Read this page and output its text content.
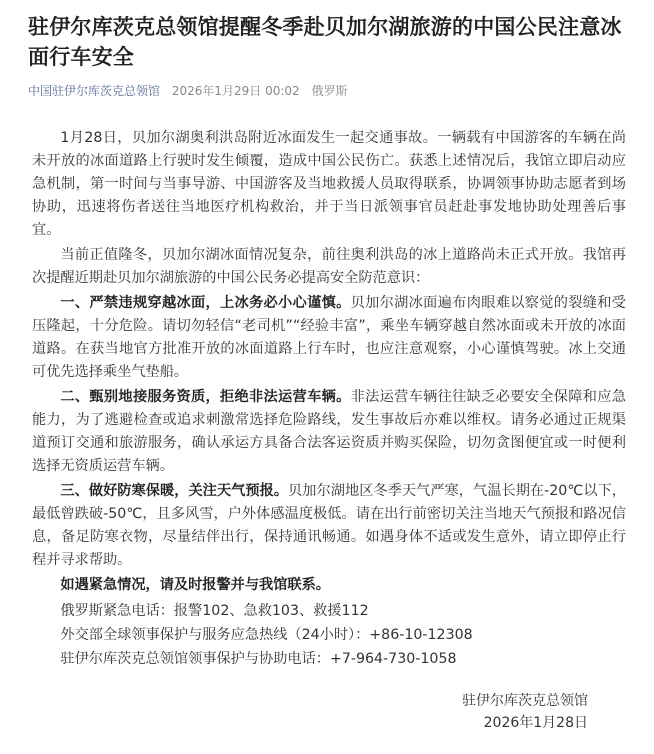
驻伊尔库茨克总领馆提醒冬季赴贝加尔湖旅游的中国公民注意冰面行车安全
中国驻伊尔库茨克总领馆 2026年1月29日 00:02 俄罗斯

1月28日，贝加尔湖奥利洪岛附近冰面发生一起交通事故。一辆载有中国游客的车辆在尚未开放的冰面道路上行驶时发生倾覆，造成中国公民伤亡。获悉上述情况后，我馆立即启动应急机制，第一时间与当事导游、中国游客及当地救援人员取得联系，协调领事协助志愿者到场协助，迅速将伤者送往当地医疗机构救治，并于当日派领事官员赶赴事发地协助处理善后事宜。

当前正值隆冬，贝加尔湖冰面情况复杂，前往奥利洪岛的冰上道路尚未正式开放。我馆再次提醒近期赴贝加尔湖旅游的中国公民务必提高安全防范意识：

一、严禁违规穿越冰面，上冰务必小心谨慎。贝加尔湖冰面遍布肉眼难以察觉的裂缝和受压隆起，十分危险。请切勿轻信“老司机”“经验丰富”，乘坐车辆穿越自然冰面或未开放的冰面道路。在获当地官方批准开放的冰面道路上行车时，也应注意观察，小心谨慎驾驶。冰上交通可优先选择乘坐气垫船。

二、甄别地接服务资质，拒绝非法运营车辆。非法运营车辆往往缺乏必要安全保障和应急能力，为了逃避检查或追求刺激常选择危险路线，发生事故后亦难以维权。请务必通过正规渠道预订交通和旅游服务，确认承运方具备合法客运资质并购买保险，切勿贪图便宜或一时便利选择无资质运营车辆。

三、做好防寒保暖，关注天气预报。贝加尔湖地区冬季天气严寒，气温长期在-20℃以下，最低曾跌破-50℃，且多风雪，户外体感温度极低。请在出行前密切关注当地天气预报和路况信息，备足防寒衣物，尽量结伴出行，保持通讯畅通。如遇身体不适或发生意外，请立即停止行程并寻求帮助。

如遇紧急情况，请及时报警并与我馆联系。

俄罗斯紧急电话：报警102、急救103、救援112

外交部全球领事保护与服务应急热线（24小时）：+86-10-12308

驻伊尔库茨克总领馆领事保护与协助电话：+7-964-730-1058

驻伊尔库茨克总领馆
2026年1月28日
